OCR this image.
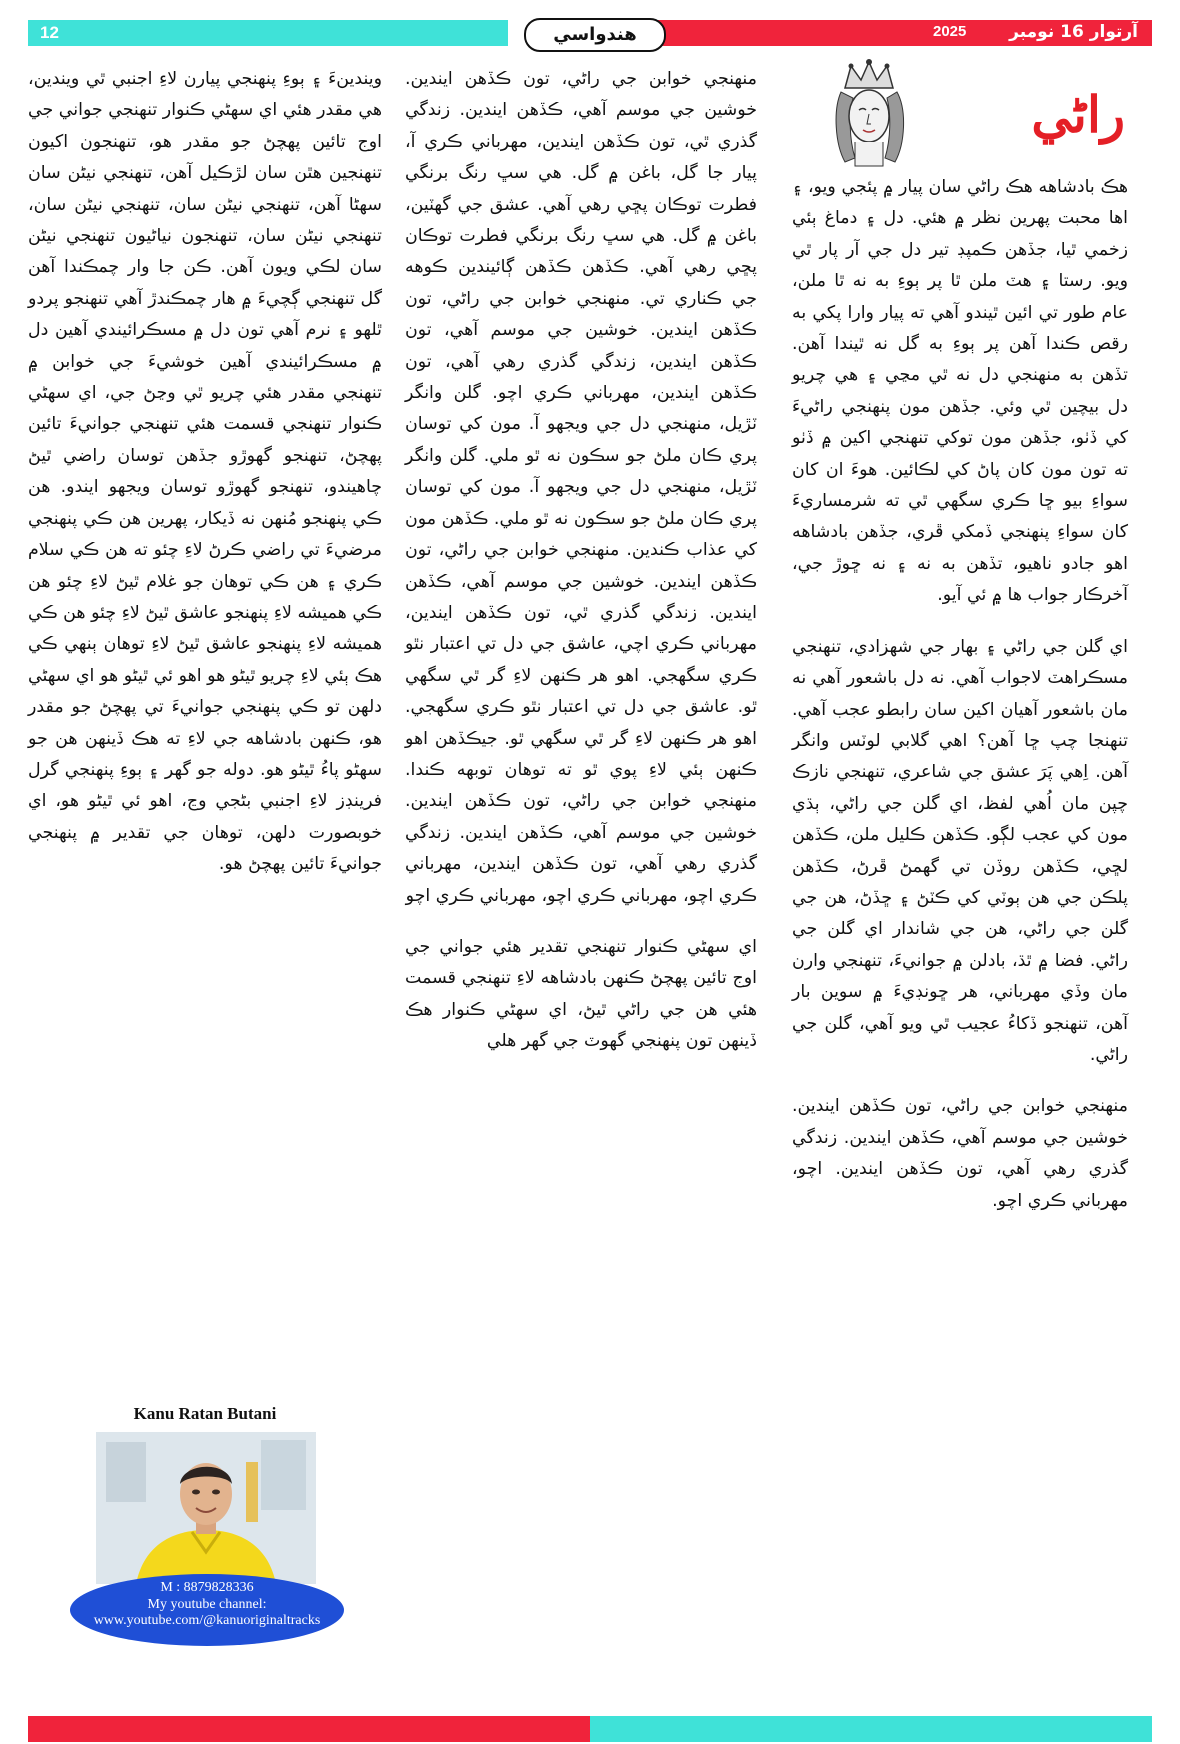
12	هندواسي	2025	آرتوار 16 نومبر
راڻي

هڪ بادشاهه هڪ راڻي سان پيار ۾ پئجي ويو، ۽ اها محبت پهرين نظر ۾ هئي. دل ۽ دماغ ٻئي زخمي ٿيا، جڏهن ڪمپڊ تير دل جي آر پار ٿي ويو. رستا ۽ هٽ ملن ٿا پر ٻوءِ به نه ٿا ملن، عام طور تي ائين ٿيندو آهي ته پيار وارا پکي به رقص ڪندا آهن پر ٻوءِ به گل نه ٿيندا آهن. تڏهن به منهنجي دل نه ٿي مڃي ۽ هي چريو دل بيچين ٿي وئي. جڏهن مون پنهنجي راڻيءَ کي ڏٺو، جڏهن مون توکي تنهنجي اکين ۾ ڏٺو ته تون مون کان پاڻ کي لڪائين. هوءَ ان کان سواءِ بيو ڇا ڪري سگهي ٿي ته شرمساريءَ کان سواءِ پنهنجي ڏمکي ڦري، جڏهن بادشاهه اهو جادو ناهيو، تڏهن به نه ۽ نه ڇوڙ جي، آخرڪار جواب ها ۾ ئي آيو.

اي گلن جي راڻي ۽ بهار جي شهزادي، تنهنجي مسڪراهٽ لاجواب آهي. نه دل باشعور آهي نه مان باشعور آهيان اکين سان رابطو عجب آهي. تنهنجا چپ ڇا آهن؟ اهي گلابي لوٽس وانگر آهن. اِهي پَرَ عشق جي شاعري، تنهنجي نازڪ چپن مان اُهي لفظ، اي گلن جي راڻي، ٻڌي مون کي عجب لڳو. ڪڏهن ڪليل ملن، ڪڏهن لڇي، ڪڏهن روڏن تي گهمڻ ڦرڻ، ڪڏهن پلڪن جي هن ٻوٽي کي ڪٽڻ ۽ ڇڏڻ، هن جي گلن جي راڻي، هن جي شاندار اي گلن جي راڻي. فضا ۾ ٿڌ، بادلن ۾ جوانيءَ، تنهنجي وارن مان وڏي مهرباني، هر ڇونڊيءَ ۾ سوين بار آهن، تنهنجو ڏکاءُ عجيب ٿي ويو آهي، گلن جي راڻي.

منهنجي خوابن جي راڻي، تون ڪڏهن ايندين. خوشين جي موسم آهي، ڪڏهن ايندين. زندگي گذري رهي آهي، تون ڪڏهن ايندين. اچو، مهرباني ڪري اچو.

منهنجي خوابن جي راڻي، تون ڪڏهن ايندين. خوشين جي موسم آهي، ڪڏهن ايندين. زندگي گذري ٿي، تون ڪڏهن ايندين، مهرباني ڪري آ، پيار جا گل، باغن ۾ گل. هي سڀ رنگ برنگي فطرت توڪان پڇي رهي آهي. عشق جي گهٽين، باغن ۾ گل. هي سڀ رنگ برنگي فطرت توڪان پڇي رهي آهي. ڪڏهن ڪڏهن ڳائيندين ڪوهه جي ڪناري تي. منهنجي خوابن جي راڻي، تون ڪڏهن ايندين. خوشين جي موسم آهي، تون ڪڏهن ايندين، زندگي گذري رهي آهي، تون ڪڏهن ايندين، مهرباني ڪري اچو. گلن وانگر ٽڙيل، منهنجي دل جي ويجهو آ. مون کي توسان پري ڪان ملڻ جو سڪون نه ٿو ملي. گلن وانگر ٽڙيل، منهنجي دل جي ويجهو آ. مون کي توسان پري ڪان ملڻ جو سڪون نه ٿو ملي. ڪڏهن مون کي عذاب ڪندين. منهنجي خوابن جي راڻي، تون ڪڏهن ايندين. خوشين جي موسم آهي، ڪڏهن ايندين. زندگي گذري ٿي، تون ڪڏهن ايندين، مهرباني ڪري اچي، عاشق جي دل تي اعتبار نٿو ڪري سگهجي. اهو هر ڪنهن لاءِ گر ٿي سگهي ٿو. عاشق جي دل تي اعتبار نٿو ڪري سگهجي. اهو هر ڪنهن لاءِ گر ٿي سگهي ٿو. جيڪڏهن اهو ڪنهن ٻئي لاءِ پوي ٿو ته توهان توبهه ڪندا. منهنجي خوابن جي راڻي، تون ڪڏهن ايندين. خوشين جي موسم آهي، ڪڏهن ايندين. زندگي گذري رهي آهي، تون ڪڏهن ايندين، مهرباني ڪري اچو، مهرباني ڪري اچو، مهرباني ڪري اچو

اي سهڻي ڪنوار تنهنجي تقدير هئي جواني جي اوج تائين پهچڻ ڪنهن بادشاهه لاءِ تنهنجي قسمت هئي هن جي راڻي ٿيڻ، اي سهڻي ڪنوار هڪ ڏينهن تون پنهنجي گهوٽ جي گهر هلي

ويندينءَ ۽ ٻوءِ پنهنجي پيارن لاءِ اجنبي ٿي ويندين، هي مقدر هئي اي سهڻي ڪنوار تنهنجي جواني جي اوج تائين پهچڻ جو مقدر هو، تنهنجون اکيون تنهنجين هٿن سان لڙڪيل آهن، تنهنجي نيڻن سان سهڻا آهن، تنهنجي نيڻن سان، تنهنجي نيڻن سان، تنهنجي نيڻن سان، تنهنجون نياڻيون تنهنجي نيڻن سان لڪي ويون آهن. ڪن جا وار چمڪندا آهن گل تنهنجي ڳچيءَ ۾ هار چمڪندڙ آهي تنهنجو پردو ٿلهو ۽ نرم آهي تون دل ۾ مسڪرائيندي آهين دل ۾ مسڪرائيندي آهين خوشيءَ جي خوابن ۾ تنهنجي مقدر هئي چريو ٿي وڃڻ جي، اي سهڻي ڪنوار تنهنجي قسمت هئي تنهنجي جوانيءَ تائين پهچڻ، تنهنجو گهوڙو جڏهن توسان راضي ٿيڻ چاهيندو، تنهنجو گهوڙو توسان ويجهو ايندو. هن ڪي پنهنجو مُنهن نه ڏيکار، پهرين هن ڪي پنهنجي مرضيءَ تي راضي ڪرڻ لاءِ چئو ته هن ڪي سلام ڪري ۽ هن ڪي توهان جو غلام ٿيڻ لاءِ چئو هن ڪي هميشه لاءِ پنهنجو عاشق ٿيڻ لاءِ چئو هن ڪي هميشه لاءِ پنهنجو عاشق ٿيڻ لاءِ توهان ٻنهي ڪي هڪ ٻئي لاءِ چريو ٿيڻو هو اهو ئي ٿيڻو هو اي سهڻي دلهن تو ڪي پنهنجي جوانيءَ تي پهچڻ جو مقدر هو، ڪنهن بادشاهه جي لاءِ ته هڪ ڏينهن هن جو سهڻو پاءُ ٿيڻو هو. دوله جو گهر ۽ ٻوءِ پنهنجي گرل فرينڊز لاءِ اجنبي بڻجي وڃ، اهو ئي ٿيڻو هو، اي خوبصورت دلهن، توهان جي تقدير ۾ پنهنجي جوانيءَ تائين پهچڻ هو.

Kanu Ratan Butani
M : 8879828336
My youtube channel:
www.youtube.com/@kanuoriginaltracks
